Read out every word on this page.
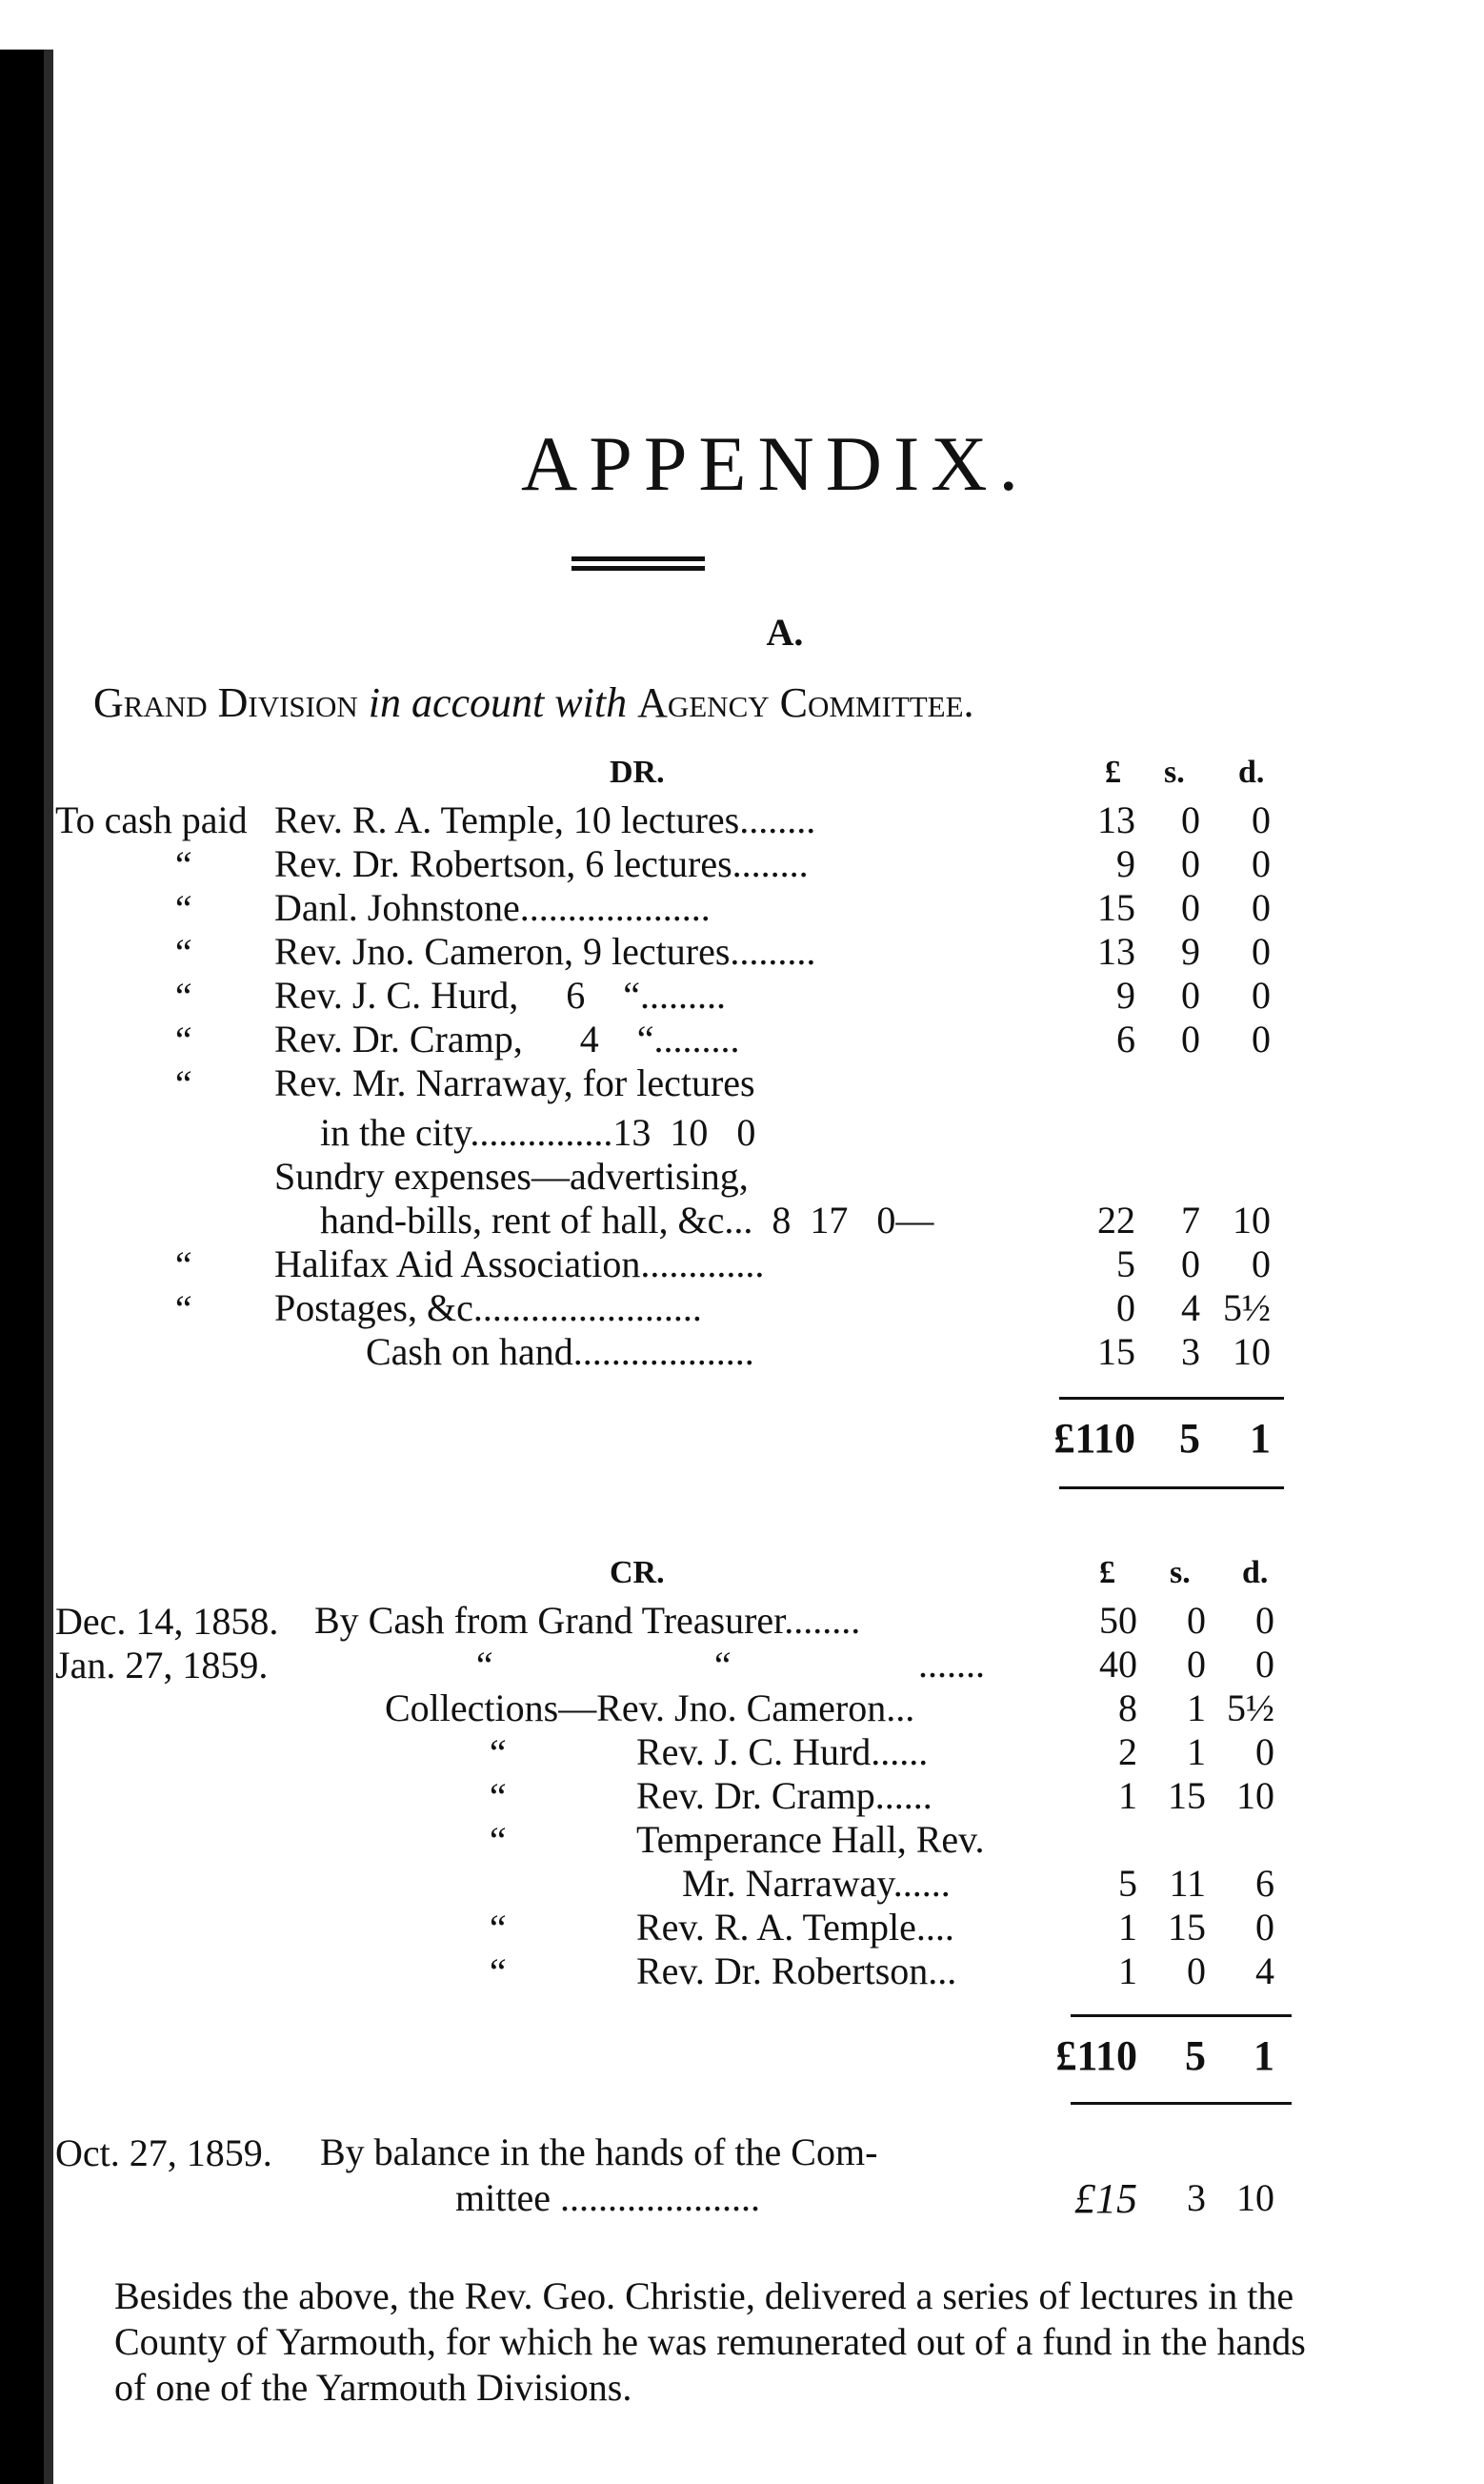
APPENDIX.
A.
Grand Division in account with Agency Committee.
DR.	£ s. d.
To cash paid Rev. R. A. Temple, 10 lectures........	13	0	0
“ Rev. Dr. Robertson, 6 lectures........	9	0	0
“ Danl. Johnstone....................	15	0	0
“ Rev. Jno. Cameron, 9 lectures.........	13	9	0
“ Rev. J. C. Hurd,     6    “.........	9	0	0
“ Rev. Dr. Cramp,      4    “.........	6	0	0
“ Rev. Mr. Narraway, for lectures
in the city...............13  10   0
Sundry expenses—advertising,
hand-bills, rent of hall, &c...  8  17   0—	22	7 10
“ Halifax Aid Association.............	5	0	0
“ Postages, &c........................	0	4 5½
Cash on hand...................	15	3 10
£110	5	1
CR.	£ s. d.
Dec. 14, 1858. By Cash from Grand Treasurer........	50	0	0
Jan. 27, 1859.	“	“	.......	40	0	0
Collections—Rev. Jno. Cameron...	8	1 5½
“	Rev. J. C. Hurd......	2	1	0
“	Rev. Dr. Cramp......	1 15 10
“	Temperance Hall, Rev.
Mr. Narraway......	5 11	6
“	Rev. R. A. Temple....	1 15	0
“	Rev. Dr. Robertson...	1	0	4
£110	5	1
Oct. 27, 1859. By balance in the hands of the Com-
mittee .....................	£15	3 10
Besides the above, the Rev. Geo. Christie, delivered a series of lectures in the County of Yarmouth, for which he was remunerated out of a fund in the hands of one of the Yarmouth Divisions.
